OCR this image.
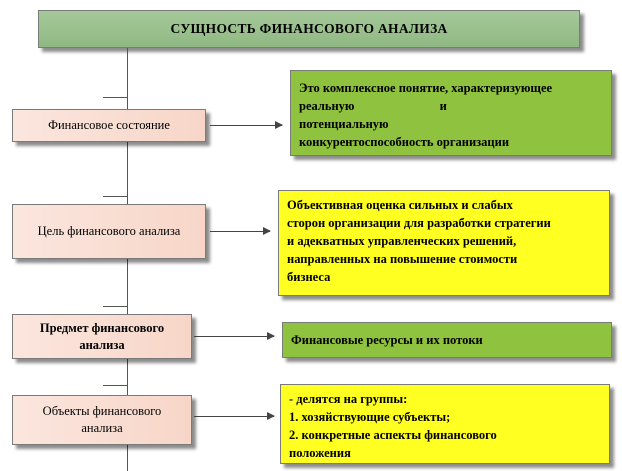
СУЩНОСТЬ ФИНАНСОВОГО АНАЛИЗА
Финансовое состояние
Это комплексное понятие, характеризующее
реальную и потенциальную
конкурентоспособность организации
Цель финансового анализа
Объективная оценка сильных и слабых
сторон организации для разработки стратегии
и адекватных управленческих решений,
направленных на повышение стоимости
бизнеса
Предмет финансового анализа	Финансовые ресурсы и их потоки
Объекты финансового анализа
- делятся на группы:
1. хозяйствующие субъекты;
2. конкретные аспекты финансового
положения
